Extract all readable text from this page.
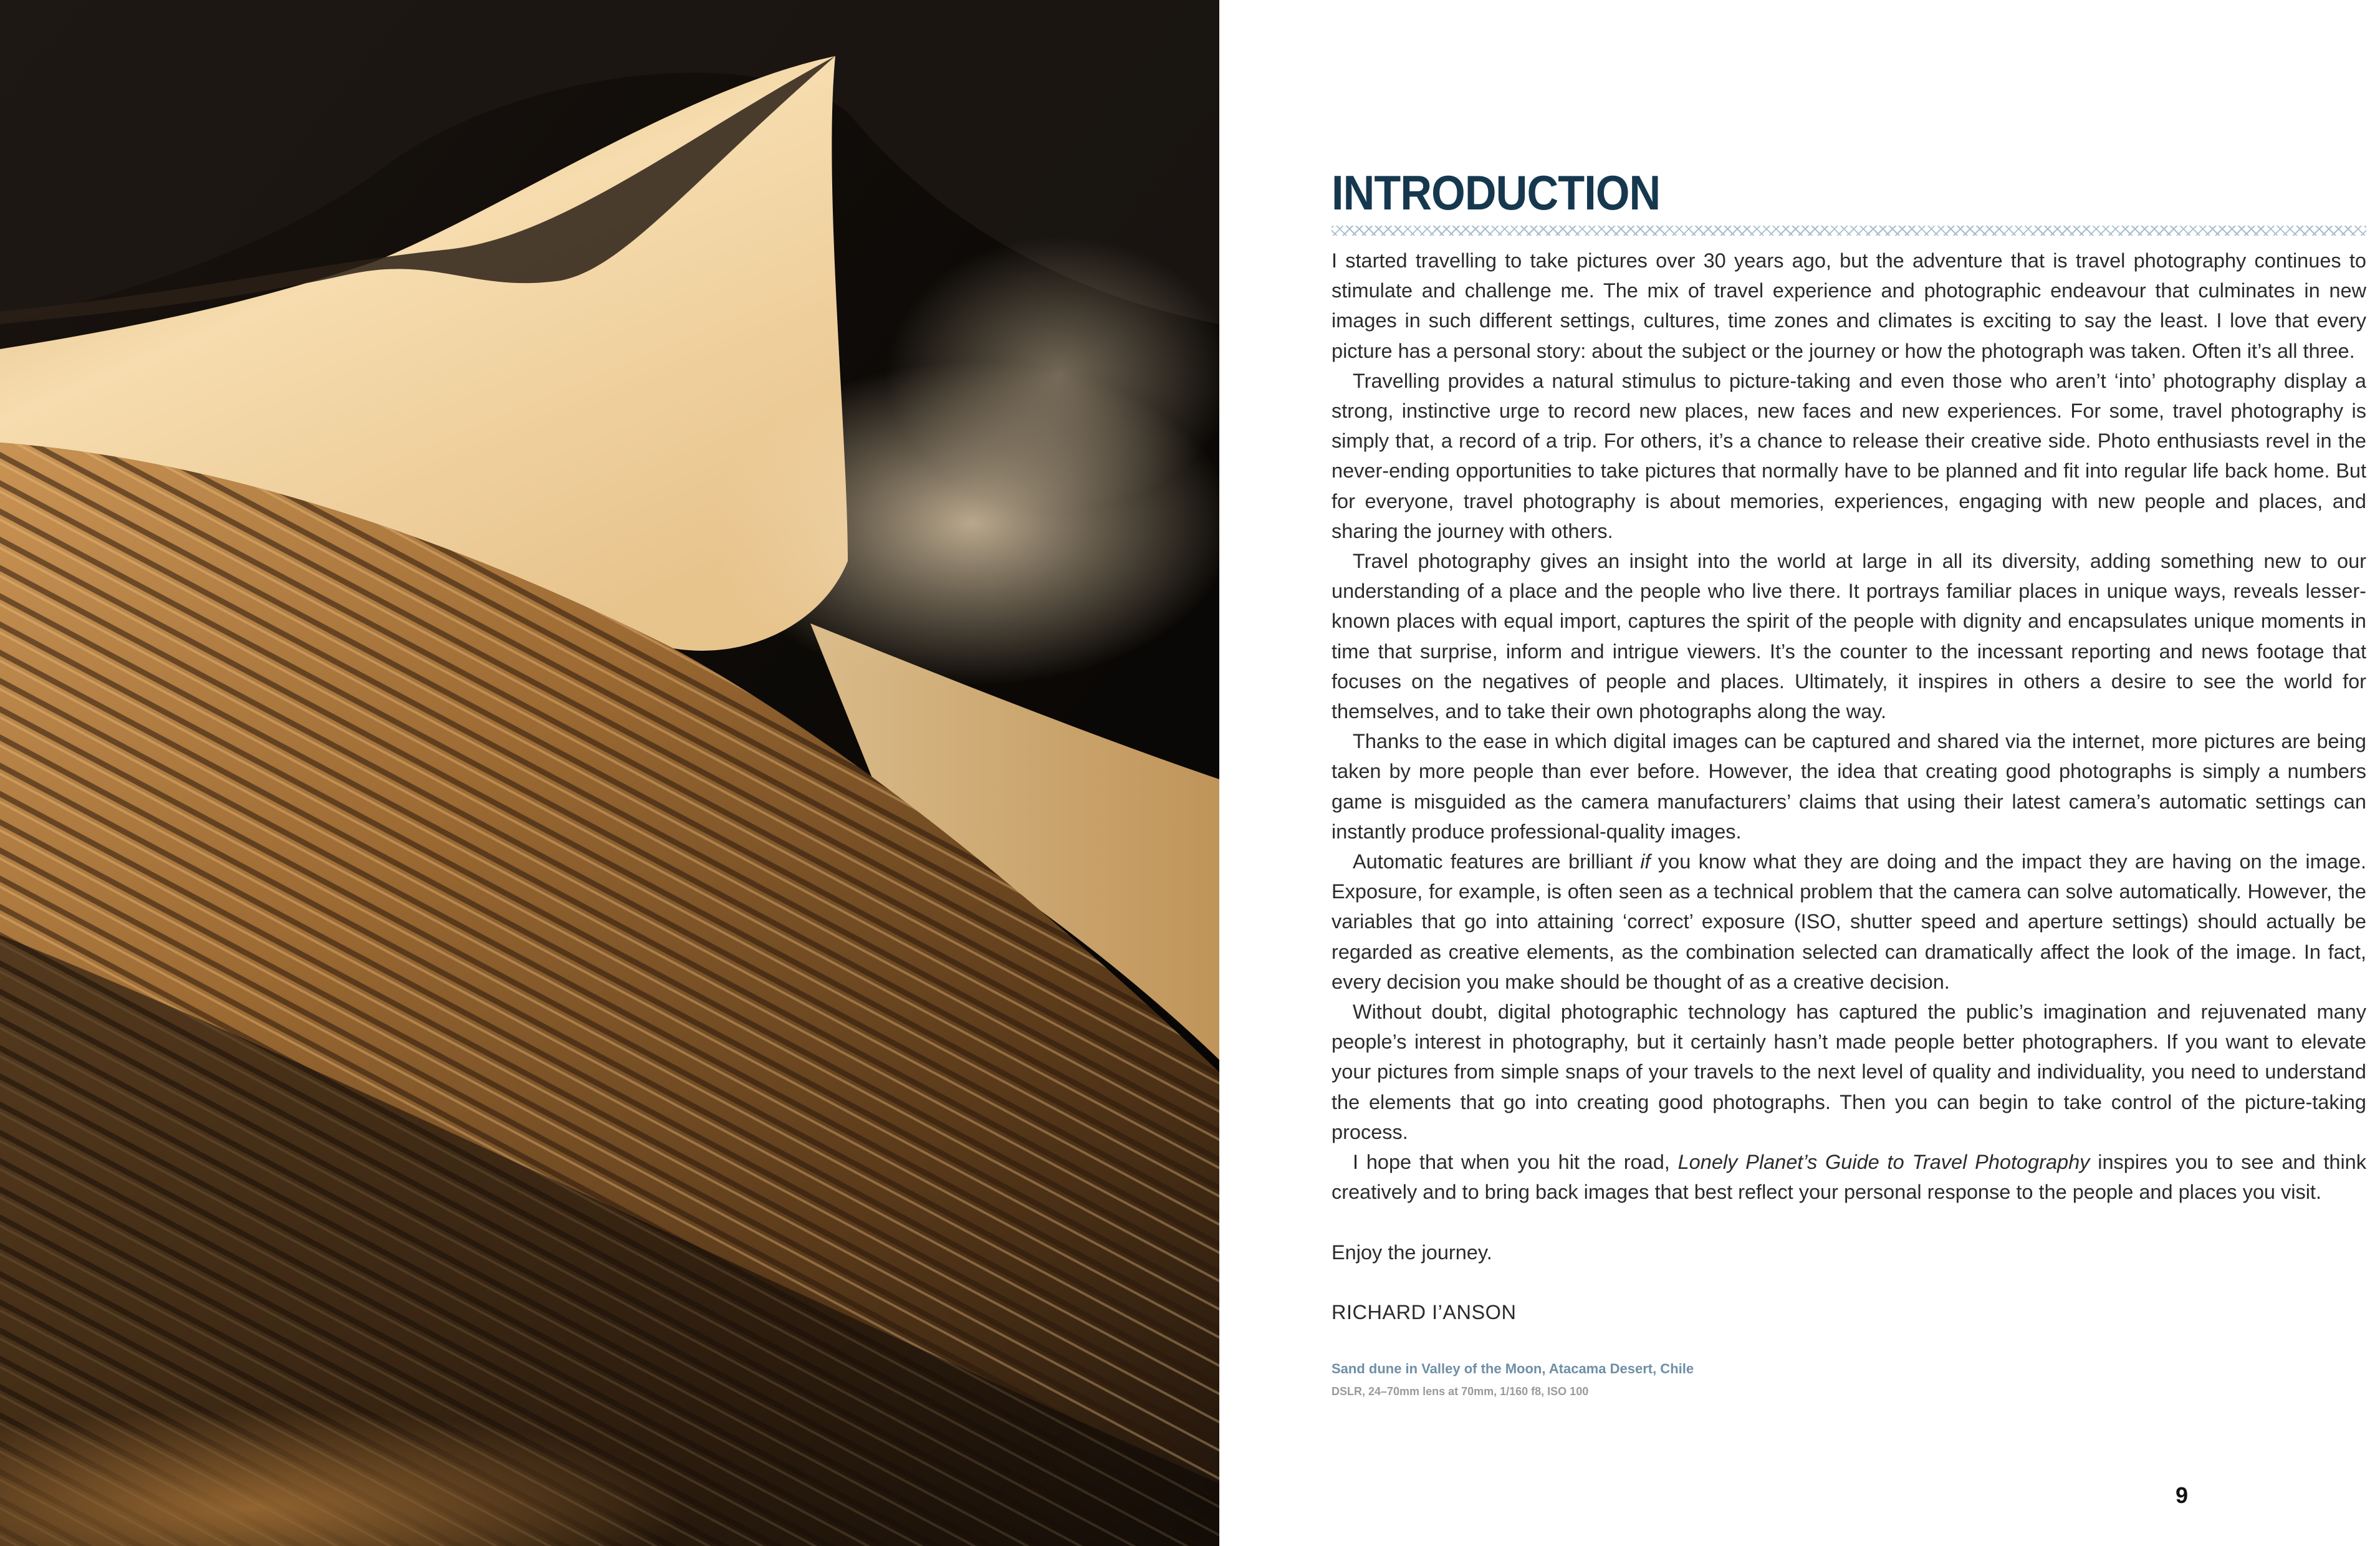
INTRODUCTION

I started travelling to take pictures over 30 years ago, but the adventure that is travel photography continues to stimulate and challenge me. The mix of travel experience and photographic endeavour that culminates in new images in such different settings, cultures, time zones and climates is exciting to say the least. I love that every picture has a personal story: about the subject or the journey or how the photograph was taken. Often it’s all three.

Travelling provides a natural stimulus to picture-taking and even those who aren’t ‘into’ photography display a strong, instinctive urge to record new places, new faces and new experiences. For some, travel photography is simply that, a record of a trip. For others, it’s a chance to release their creative side. Photo enthusiasts revel in the never-ending opportunities to take pictures that normally have to be planned and fit into regular life back home. But for everyone, travel photography is about memories, experiences, engaging with new people and places, and sharing the journey with others.

Travel photography gives an insight into the world at large in all its diversity, adding something new to our understanding of a place and the people who live there. It portrays familiar places in unique ways, reveals lesser-known places with equal import, captures the spirit of the people with dignity and encapsulates unique moments in time that surprise, inform and intrigue viewers. It’s the counter to the incessant reporting and news footage that focuses on the negatives of people and places. Ultimately, it inspires in others a desire to see the world for themselves, and to take their own photographs along the way.

Thanks to the ease in which digital images can be captured and shared via the internet, more pictures are being taken by more people than ever before. However, the idea that creating good photographs is simply a numbers game is misguided as the camera manufacturers’ claims that using their latest camera’s automatic settings can instantly produce professional-quality images.

Automatic features are brilliant if you know what they are doing and the impact they are having on the image. Exposure, for example, is often seen as a technical problem that the camera can solve automatically. However, the variables that go into attaining ‘correct’ exposure (ISO, shutter speed and aperture settings) should actually be regarded as creative elements, as the combination selected can dramatically affect the look of the image. In fact, every decision you make should be thought of as a creative decision.

Without doubt, digital photographic technology has captured the public’s imagination and rejuvenated many people’s interest in photography, but it certainly hasn’t made people better photographers. If you want to elevate your pictures from simple snaps of your travels to the next level of quality and individuality, you need to understand the elements that go into creating good photographs. Then you can begin to take control of the picture-taking process.

I hope that when you hit the road, Lonely Planet’s Guide to Travel Photography inspires you to see and think creatively and to bring back images that best reflect your personal response to the people and places you visit.

Enjoy the journey.
RICHARD I’ANSON
Sand dune in Valley of the Moon, Atacama Desert, Chile
DSLR, 24–70mm lens at 70mm, 1/160 f8, ISO 100
9
